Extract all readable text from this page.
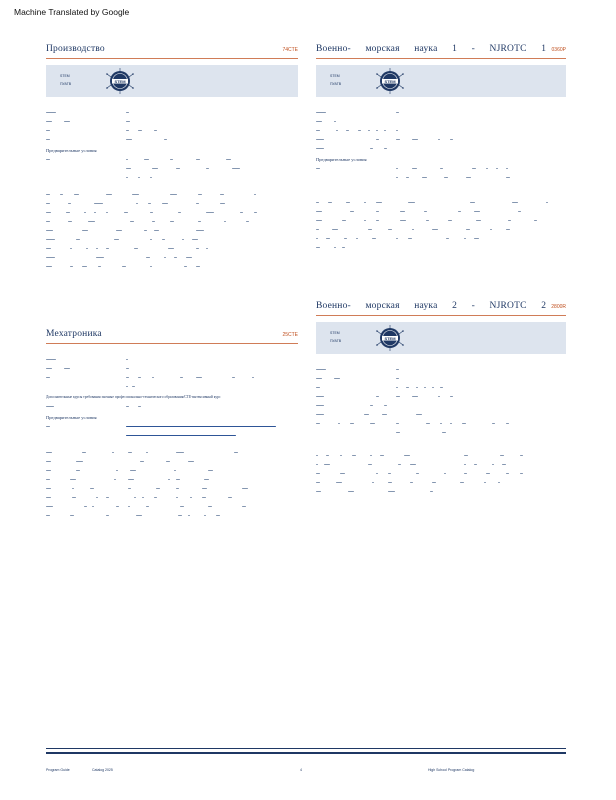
Machine Translated by Google
Производство	74CTE
STEM
ПУАТВ
STEM
Предварительные условия
Мехатроника	25CTE
Дополнительные курсы требования заочные профессионально-технического образования/CTE-интенсивный курс
Предварительные условия
Военно- морская наука 1 - NJROTC 1 0360P
STEM
ПУАТВ
STEM
Предварительные условия
Военно- морская наука 2 - NJROTC 2 2800R
STEM
ПУАТВ
STEM
Program Guide	Catalog 2025	4	High School Program Catalog
